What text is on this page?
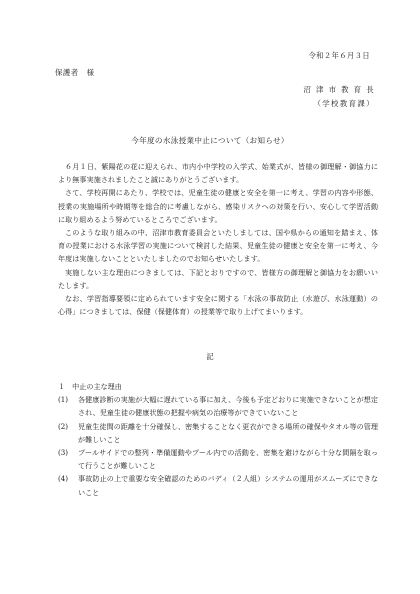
令和２年６月３日
保護者　様
沼 津 市 教 育 長
（学校教育課）
今年度の水泳授業中止について（お知らせ）

６月１日、紫陽花の花に迎えられ、市内小中学校の入学式、始業式が、皆様の御理解・御協力により無事実施されましたこと誠にありがとうございます。

さて、学校再開にあたり、学校では、児童生徒の健康と安全を第一に考え、学習の内容や形態、授業の実施場所や時期等を総合的に考慮しながら、感染リスクへの対策を行い、安心して学習活動に取り組めるよう努めているところでございます。

このような取り組みの中、沼津市教育委員会といたしましては、国や県からの通知を踏まえ、体育の授業における水泳学習の実施について検討した結果、児童生徒の健康と安全を第一に考え、今年度は実施しないことといたしましたのでお知らせいたします。

実施しない主な理由につきましては、下記とおりですので、皆様方の御理解と御協力をお願いいたします。

なお、学習指導要領に定められています安全に関する「水泳の事故防止（水遊び、水泳運動）の心得」につきましては、保健（保健体育）の授業等で取り上げてまいります。

記

１　中止の主な理由

(1)	各健康診断の実施が大幅に遅れている事に加え、今後も予定どおりに実施できないことが想定され、児童生徒の健康状態の把握や病気の治療等ができていないこと
(2)	児童生徒間の距離を十分確保し、密集することなく更衣ができる場所の確保やタオル等の管理が難しいこと
(3)	プールサイドでの整列・準備運動やプール内での活動を、密集を避けながら十分な間隔を取って行うことが難しいこと
(4)	事故防止の上で重要な安全確認のためのバディ（２人組）システムの運用がスムーズにできないこと
